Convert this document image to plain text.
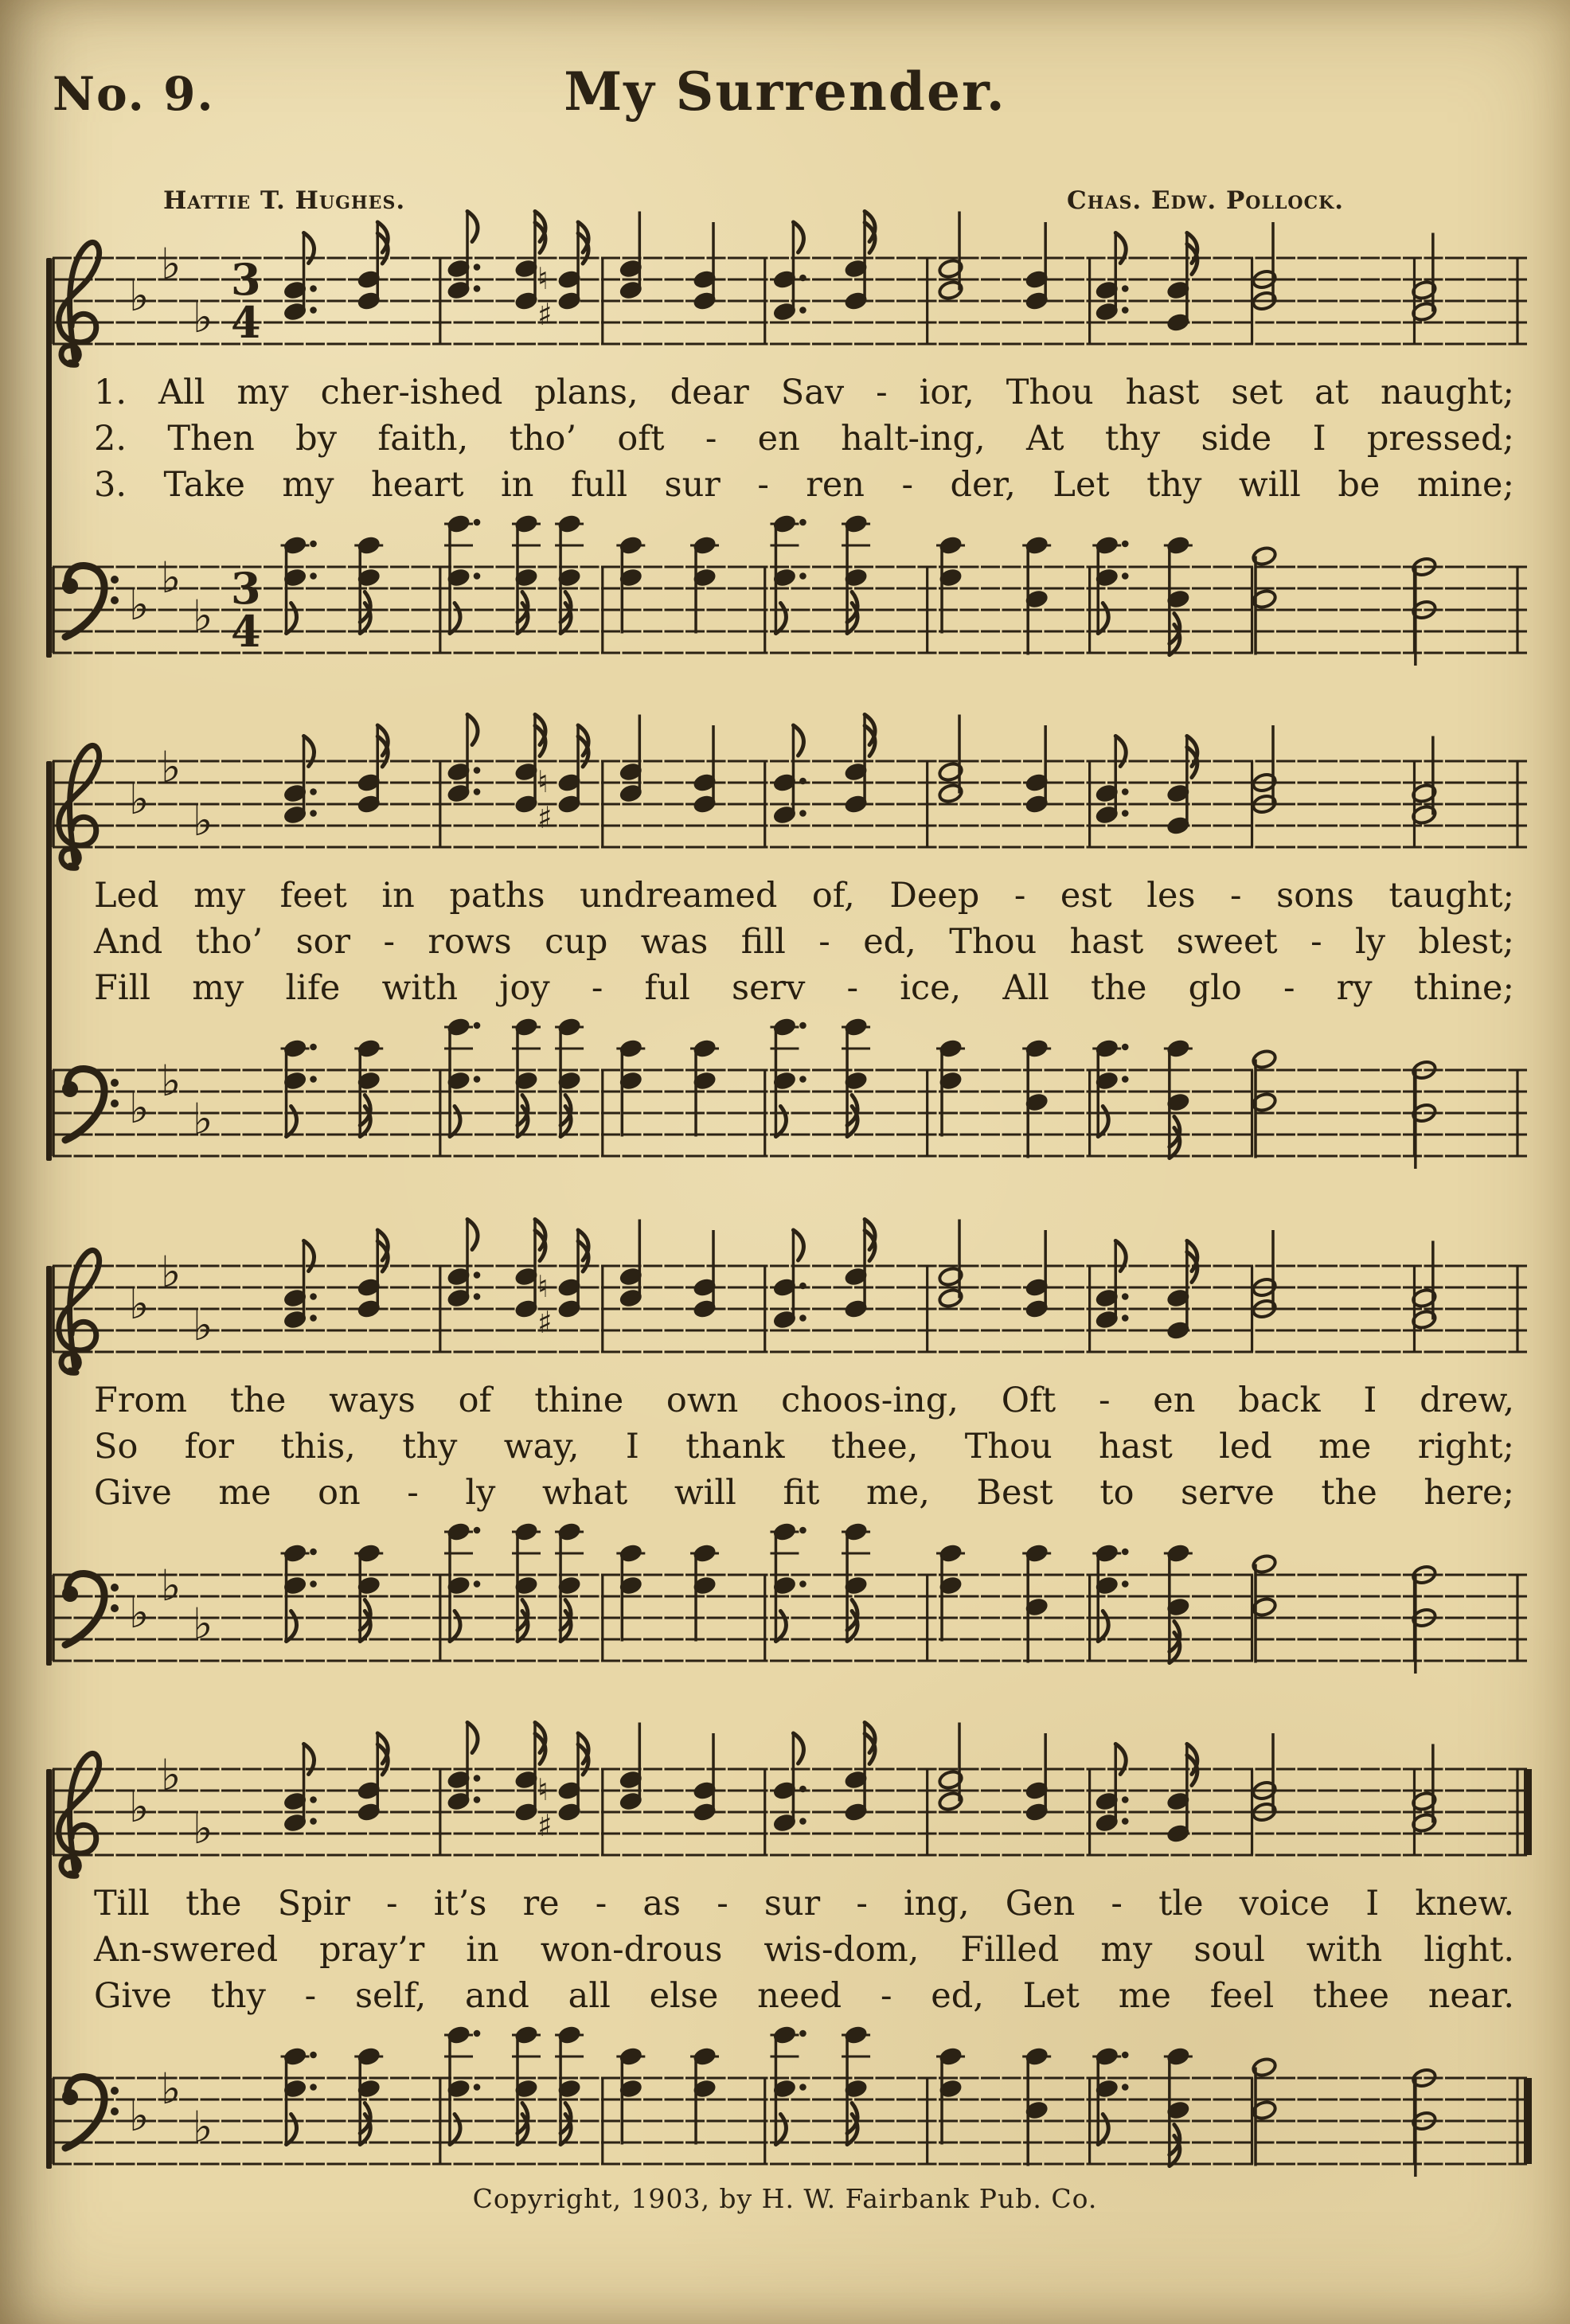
No. 9.	My Surrender.
Hattie T. Hughes.	Chas. Edw. Pollock.
♭
♭
♭
3
4
♮
♯
1. All my cher-ished plans, dear Sav - ior, Thou hast set at naught;
2. Then by faith, tho’ oft - en halt-ing, At thy side I pressed;
3. Take my heart in full sur - ren - der, Let thy will be mine;
♭
♭
♭
3
4
♭
♭
♭
♮
♯
Led my feet in paths undreamed of, Deep - est les - sons taught;
And tho’ sor - rows cup was fill - ed, Thou hast sweet - ly blest;
Fill my life with joy - ful serv - ice, All the glo - ry thine;
♭
♭
♭
♭
♭
♭
♮
♯
From the ways of thine own choos-ing, Oft - en back I drew,
So for this, thy way, I thank thee, Thou hast led me right;
Give me on - ly what will fit me, Best to serve the here;
♭
♭
♭
♭
♭
♭
♮
♯
Till the Spir - it’s re - as - sur - ing, Gen - tle voice I knew.
An-swered pray’r in won-drous wis-dom, Filled my soul with light.
Give thy - self, and all else need - ed, Let me feel thee near.
♭
♭
♭
Copyright, 1903, by H. W. Fairbank Pub. Co.
